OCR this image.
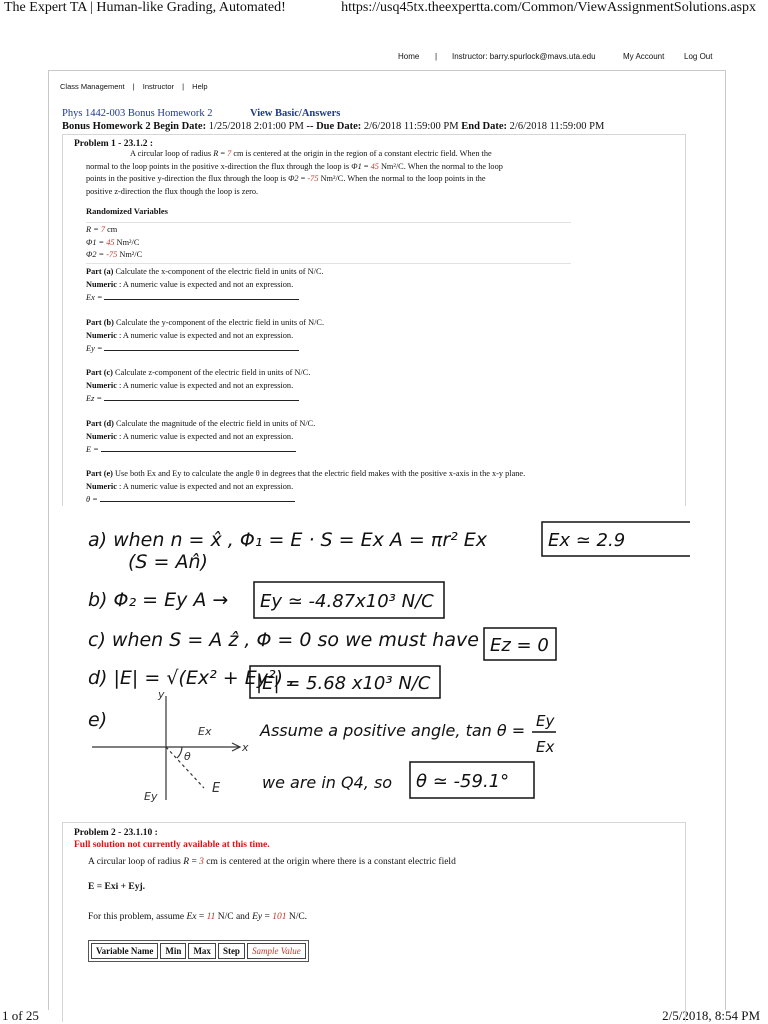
The Expert TA | Human-like Grading, Automated!	https://usq45tx.theexpertta.com/Common/ViewAssignmentSolutions.aspx
1 of 25	2/5/2018, 8:54 PM
Home | Instructor: barry.spurlock@mavs.uta.edu	My Account Log Out
Class Management | Instructor | Help
Phys 1442-003 Bonus Homework 2	View Basic/Answers
Bonus Homework 2 Begin Date: 1/25/2018 2:01:00 PM -- Due Date: 2/6/2018 11:59:00 PM End Date: 2/6/2018 11:59:00 PM
Problem 1 - 23.1.2 :
A circular loop of radius R = 7 cm is centered at the origin in the region of a constant electric field. When the
normal to the loop points in the positive x-direction the flux through the loop is Φ1 = 45 Nm²/C. When the normal to the loop
points in the positive y-direction the flux through the loop is Φ2 = -75 Nm²/C. When the normal to the loop points in the
positive z-direction the flux though the loop is zero.
Randomized Variables
R = 7 cm
Φ1 = 45 Nm²/C
Φ2 = -75 Nm²/C
Part (a) Calculate the x-component of the electric field in units of N/C.
Numeric : A numeric value is expected and not an expression.
Ex =
Part (b) Calculate the y-component of the electric field in units of N/C.
Numeric : A numeric value is expected and not an expression.
Ey =
Part (c) Calculate z-component of the electric field in units of N/C.
Numeric : A numeric value is expected and not an expression.
Ez =
Part (d) Calculate the magnitude of the electric field in units of N/C.
Numeric : A numeric value is expected and not an expression.
E =
Part (e) Use both Ex and Ey to calculate the angle θ in degrees that the electric field makes with the positive x-axis in the x-y plane.
Numeric : A numeric value is expected and not an expression.
θ =
a) when n = x̂ , Φ₁ = E · S = Ex A = πr² Ex
(S = An̂)
b) Φ₂ = Ey A →
c) when S = A ẑ , Φ = 0 so we must have
d) |E| = √(Ex² + Ey²) ,
e)	Assume a positive angle, tan θ = Ey
Ex
we are in Q4, so
Ex ≃ 2.9
Ey ≃ -4.87x10³ N/C
Ez = 0
|E| = 5.68 x10³ N/C
θ ≃ -59.1°
Ex
x
y
θ
Ey
E
Problem 2 - 23.1.10 :
Full solution not currently available at this time.
A circular loop of radius R = 3 cm is centered at the origin where there is a constant electric field
E = Exi + Eyj.
For this problem, assume Ex = 11 N/C and Ey = 101 N/C.
Variable Name	Min	Max	Step	Sample Value
